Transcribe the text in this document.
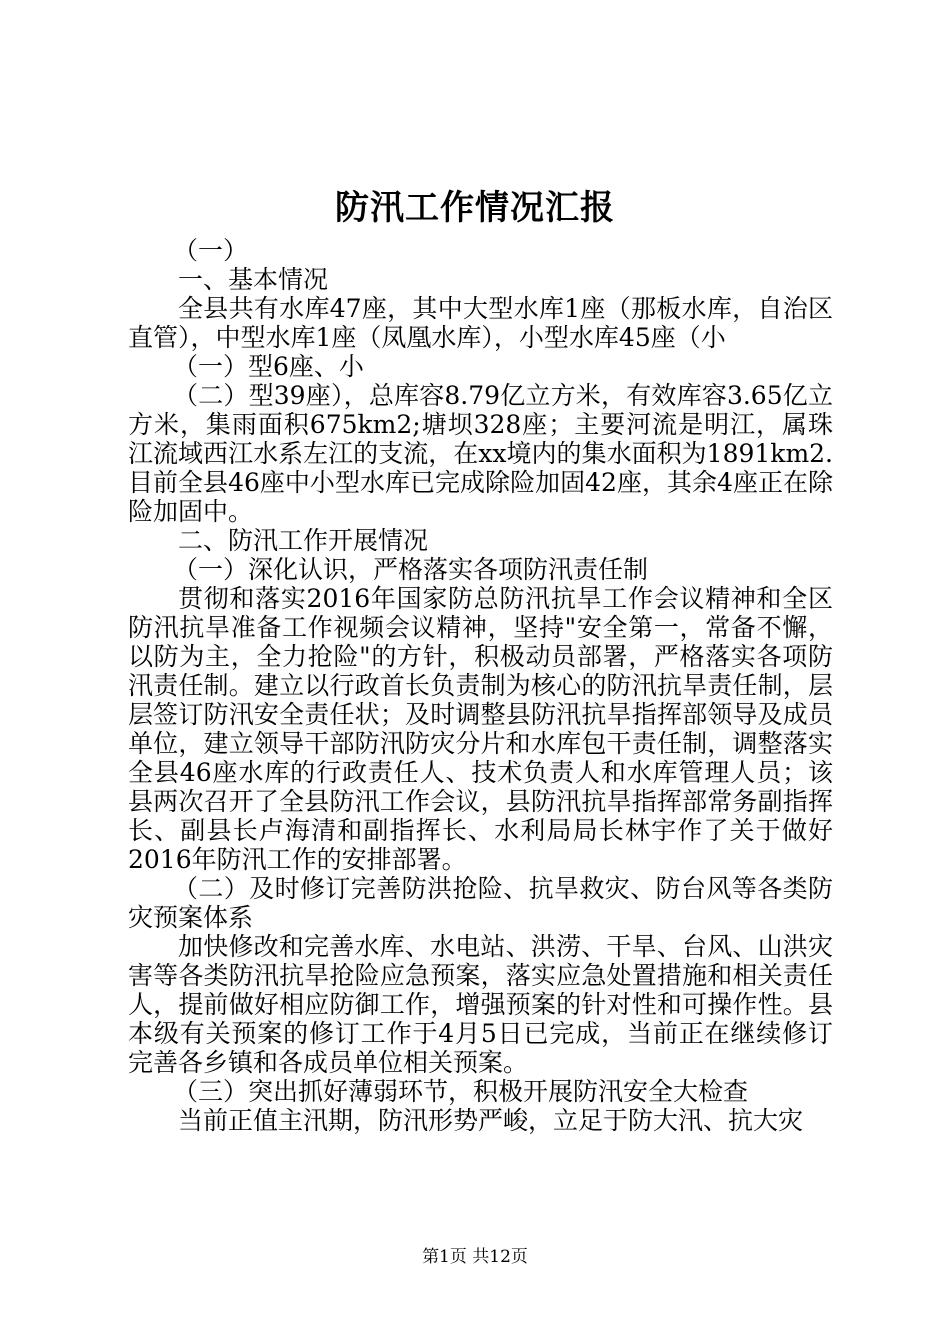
防汛工作情况汇报

（一）

一、基本情况

全县共有水库47座，其中大型水库1座（那板水库，自治区直管），中型水库1座（凤凰水库），小型水库45座（小

（一）型6座、小

（二）型39座），总库容8.79亿立方米，有效库容3.65亿立方米，集雨面积675km2;塘坝328座；主要河流是明江，属珠江流域西江水系左江的支流，在xx境内的集水面积为1891km2.目前全县46座中小型水库已完成除险加固42座，其余4座正在除险加固中。

二、防汛工作开展情况

（一）深化认识，严格落实各项防汛责任制

贯彻和落实2016年国家防总防汛抗旱工作会议精神和全区防汛抗旱准备工作视频会议精神，坚持"安全第一，常备不懈，以防为主，全力抢险"的方针，积极动员部署，严格落实各项防汛责任制。建立以行政首长负责制为核心的防汛抗旱责任制，层层签订防汛安全责任状；及时调整县防汛抗旱指挥部领导及成员单位，建立领导干部防汛防灾分片和水库包干责任制，调整落实全县46座水库的行政责任人、技术负责人和水库管理人员；该县两次召开了全县防汛工作会议，县防汛抗旱指挥部常务副指挥长、副县长卢海清和副指挥长、水利局局长林宇作了关于做好2016年防汛工作的安排部署。

（二）及时修订完善防洪抢险、抗旱救灾、防台风等各类防灾预案体系

加快修改和完善水库、水电站、洪涝、干旱、台风、山洪灾害等各类防汛抗旱抢险应急预案，落实应急处置措施和相关责任人，提前做好相应防御工作，增强预案的针对性和可操作性。县本级有关预案的修订工作于4月5日已完成，当前正在继续修订完善各乡镇和各成员单位相关预案。

（三）突出抓好薄弱环节，积极开展防汛安全大检查

当前正值主汛期，防汛形势严峻，立足于防大汛、抗大灾

第1页 共12页
